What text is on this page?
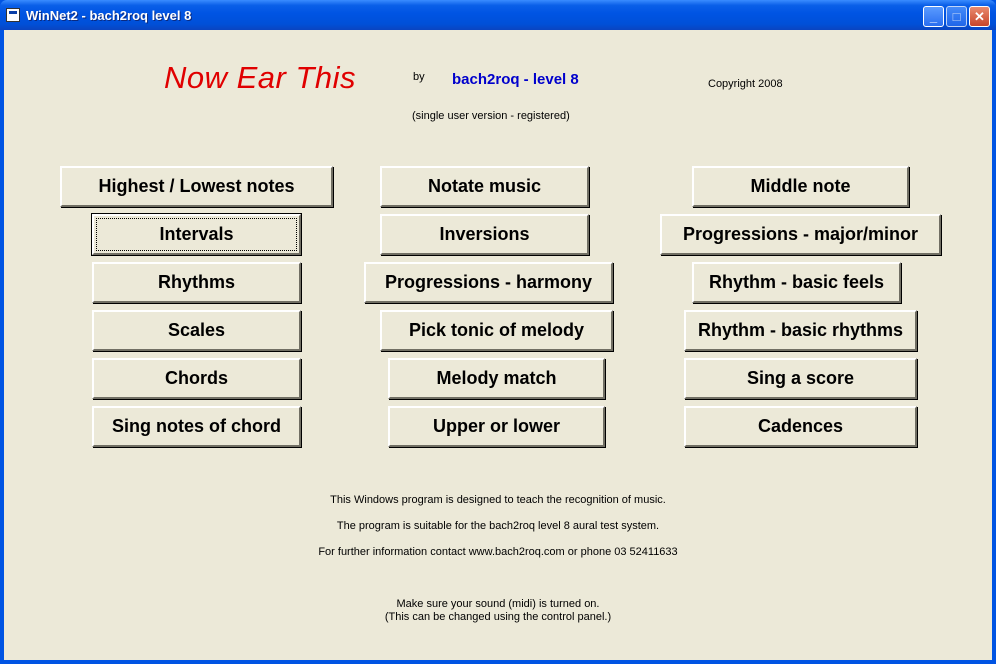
WinNet2 - bach2roq level 8	_	□	✕
Now Ear This	by bach2roq - level 8	Copyright 2008
(single user version - registered)
Highest / Lowest notes
Intervals
Rhythms
Scales
Chords
Sing notes of chord
Notate music
Inversions
Progressions - harmony
Pick tonic of melody
Melody match
Upper or lower
Middle note
Progressions - major/minor
Rhythm - basic feels
Rhythm - basic rhythms
Sing a score
Cadences
This Windows program is designed to teach the recognition of music.
The program is suitable for the bach2roq level 8 aural test system.
For further information contact www.bach2roq.com or phone 03 52411633
Make sure your sound (midi) is turned on.
(This can be changed using the control panel.)
